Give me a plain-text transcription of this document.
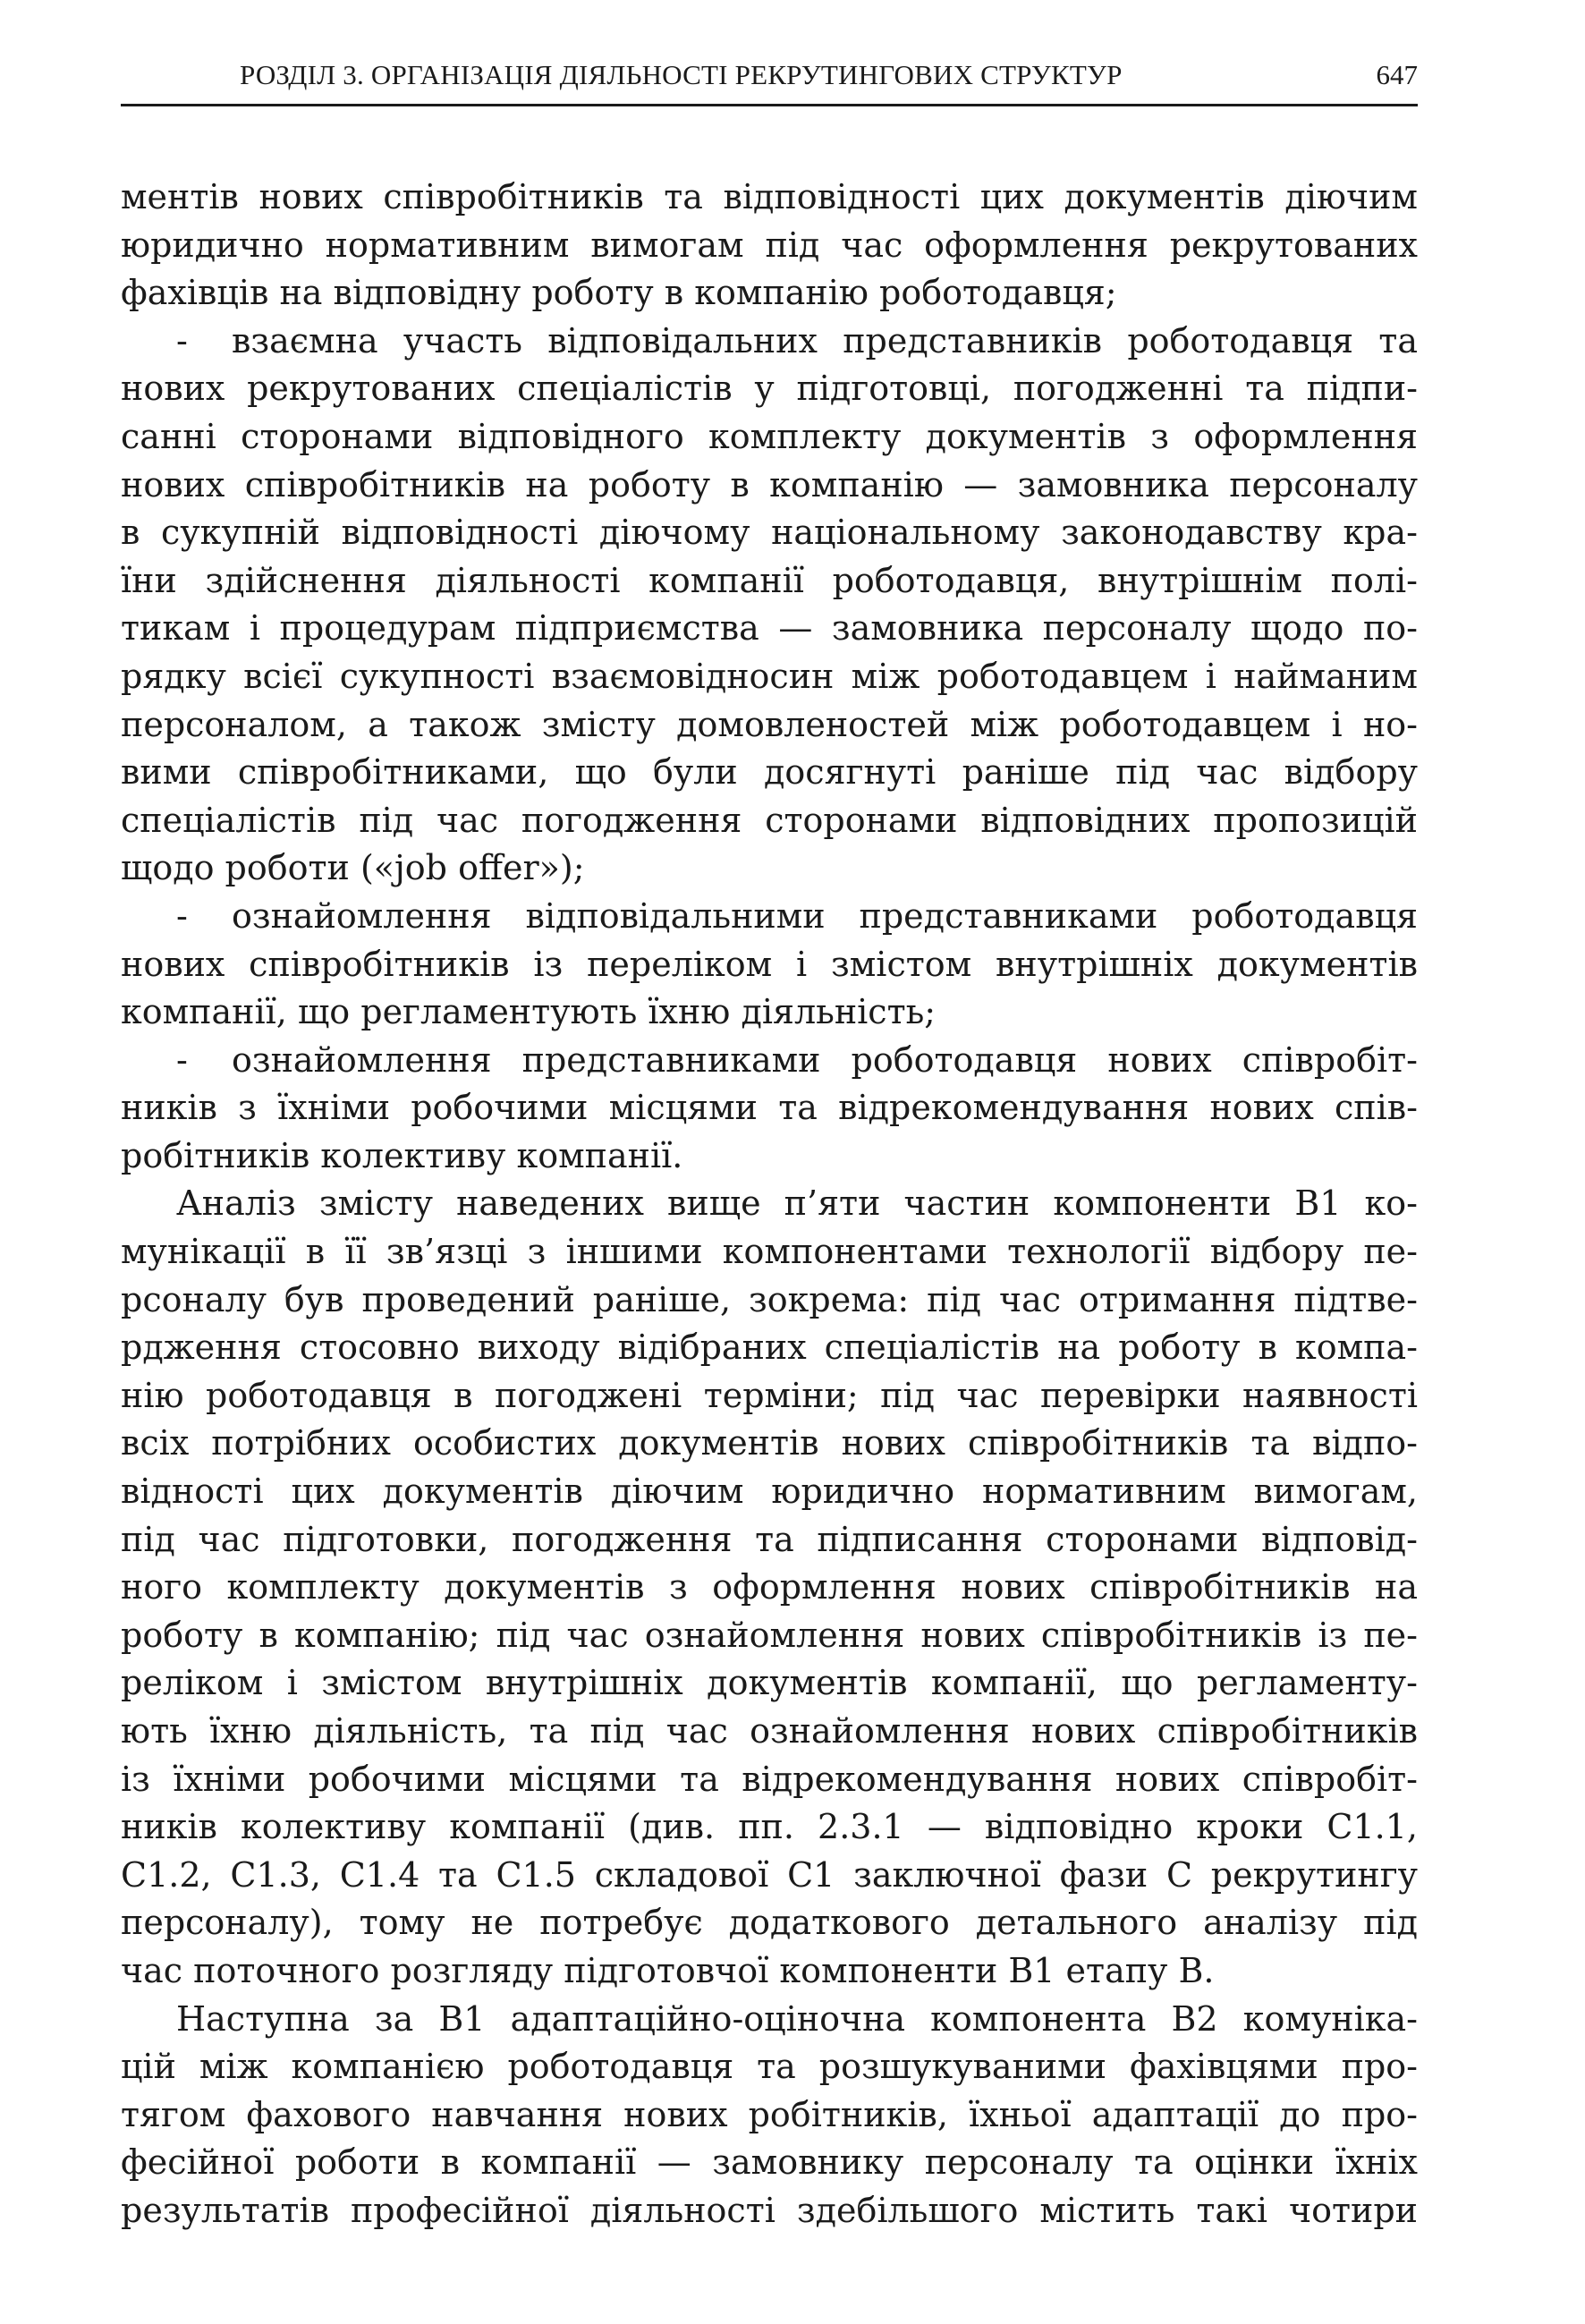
РОЗДІЛ 3. ОРГАНІЗАЦІЯ ДІЯЛЬНОСТІ РЕКРУТИНГОВИХ СТРУКТУР	647
ментів нових співробітників та відповідності цих документів діючим
юридично нормативним вимогам під час оформлення рекрутованих
фахівців на відповідну роботу в компанію роботодавця;
-	взаємна участь відповідальних представників роботодавця та
нових рекрутованих спеціалістів у підготовці, погодженні та підпи-
санні сторонами відповідного комплекту документів з оформлення
нових співробітників на роботу в компанію — замовника персоналу
в сукупній відповідності діючому національному законодавству кра-
їни здійснення діяльності компанії роботодавця, внутрішнім полі-
тикам і процедурам підприємства — замовника персоналу щодо по-
рядку всієї сукупності взаємовідносин між роботодавцем і найманим
персоналом, а також змісту домовленостей між роботодавцем і но-
вими співробітниками, що були досягнуті раніше під час відбору
спеціалістів під час погодження сторонами відповідних пропозицій
щодо роботи («job offer»);
-	ознайомлення відповідальними представниками роботодавця
нових співробітників із переліком і змістом внутрішніх документів
компанії, що регламентують їхню діяльність;
-	ознайомлення представниками роботодавця нових співробіт-
ників з їхніми робочими місцями та відрекомендування нових спів-
робітників колективу компанії.
Аналіз змісту наведених вище п’яти частин компоненти В1 ко-
мунікації в її зв’язці з іншими компонентами технології відбору пе-
рсоналу був проведений раніше, зокрема: під час отримання підтве-
рдження стосовно виходу відібраних спеціалістів на роботу в компа-
нію роботодавця в погоджені терміни; під час перевірки наявності
всіх потрібних особистих документів нових співробітників та відпо-
відності цих документів діючим юридично нормативним вимогам,
під час підготовки, погодження та підписання сторонами відповід-
ного комплекту документів з оформлення нових співробітників на
роботу в компанію; під час ознайомлення нових співробітників із пе-
реліком і змістом внутрішніх документів компанії, що регламенту-
ють їхню діяльність, та під час ознайомлення нових співробітників
із їхніми робочими місцями та відрекомендування нових співробіт-
ників колективу компанії (див. пп. 2.3.1 — відповідно кроки С1.1,
С1.2, С1.3, С1.4 та С1.5 складової С1 заключної фази С рекрутингу
персоналу), тому не потребує додаткового детального аналізу під
час поточного розгляду підготовчої компоненти В1 етапу В.
Наступна за В1 адаптаційно-оціночна компонента В2 комуніка-
цій між компанією роботодавця та розшукуваними фахівцями про-
тягом фахового навчання нових робітників, їхньої адаптації до про-
фесійної роботи в компанії — замовнику персоналу та оцінки їхніх
результатів професійної діяльності здебільшого містить такі чотири
